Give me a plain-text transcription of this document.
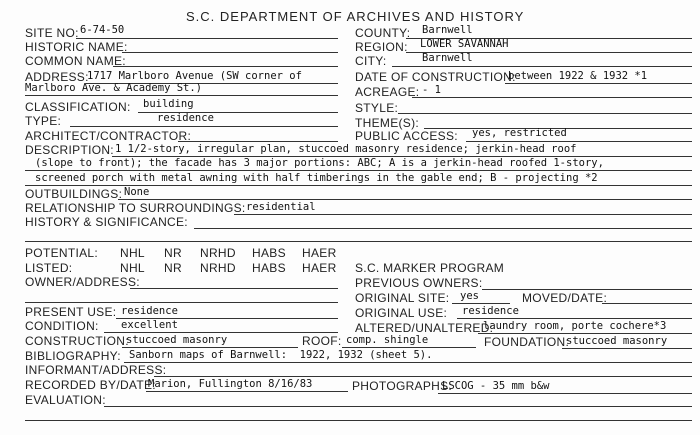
S.C. DEPARTMENT OF ARCHIVES AND HISTORY
SITE NO: 6-74-50	COUNTY: Barnwell
HISTORIC NAME:	REGION: LOWER SAVANNAH
COMMON NAME:	CITY:	Barnwell
ADDRESS:
1717 Marlboro Avenue (SW corner of
Marlboro Ave. & Academy St.)
DATE OF CONSTRUCTION:
between 1922 & 1932 *1
ACREAGE: - 1
CLASSIFICATION: building	STYLE:
TYPE:	residence	THEME(S):
ARCHITECT/CONTRACTOR:	PUBLIC ACCESS: yes, restricted
DESCRIPTION: 1 1/2-story, irregular plan, stuccoed masonry residence; jerkin-head roof
(slope to front); the facade has 3 major portions: ABC; A is a jerkin-head roofed 1-story,
screened porch with metal awning with half timberings in the gable end; B - projecting *2
OUTBUILDINGS: None
RELATIONSHIP TO SURROUNDINGS: residential
HISTORY & SIGNIFICANCE:
POTENTIAL: NHL NR NRHD HABS HAER
LISTED:	NHL NR NRHD HABS HAER S.C. MARKER PROGRAM
OWNER/ADDRESS:	PREVIOUS OWNERS:
ORIGINAL SITE: yes	MOVED/DATE:
PRESENT USE: residence	ORIGINAL USE: residence
CONDITION: excellent	ALTERED/UNALTERED:
laundry room, porte cochere*3
CONSTRUCTION:
stuccoed masonry	ROOF: comp. shingle	FOUNDATION:
stuccoed masonry
BIBLIOGRAPHY: Sanborn maps of Barnwell:  1922, 1932 (sheet 5).
INFORMANT/ADDRESS:
RECORDED BY/DATE:
Marion, Fullington 8/16/83	PHOTOGRAPHS:
LSCOG - 35 mm b&w
EVALUATION:
